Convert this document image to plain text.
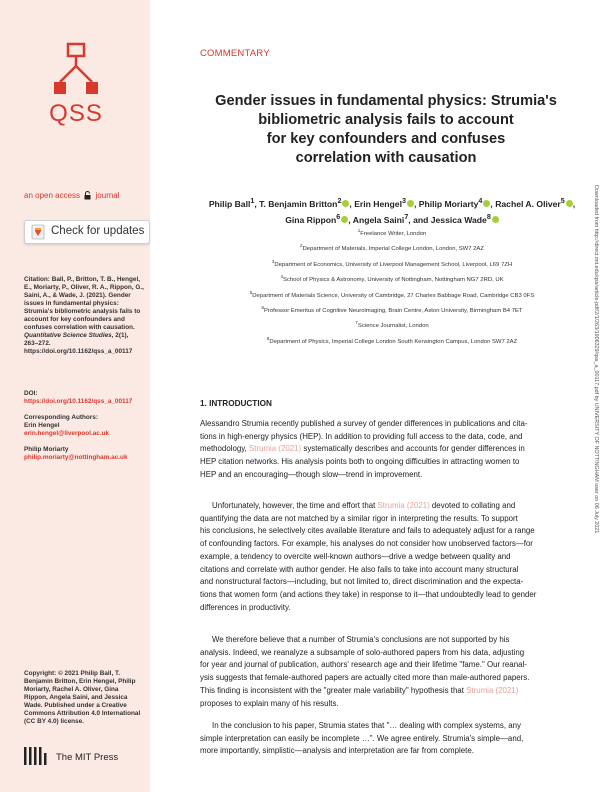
QSS
an open access journal
Check for updates
Citation: Ball, P., Britton, T. B., Hengel, E., Moriarty, P., Oliver, R. A., Rippon, G., Saini, A., & Wade, J. (2021). Gender issues in fundamental physics: Strumia's bibliometric analysis fails to account for key confounders and confuses correlation with causation. Quantitative Science Studies, 2(1), 263–272. https://doi.org/10.1162/qss_a_00117
DOI:
https://doi.org/10.1162/qss_a_00117
Corresponding Authors:
Erin Hengel
erin.hengel@liverpool.ac.uk
Philip Moriarty
philip.moriarty@nottingham.ac.uk
Copyright: © 2021 Philip Ball, T. Benjamin Britton, Erin Hengel, Philip Moriarty, Rachel A. Oliver, Gina Rippon, Angela Saini, and Jessica Wade. Published under a Creative Commons Attribution 4.0 International (CC BY 4.0) license.
The MIT Press
COMMENTARY
Gender issues in fundamental physics: Strumia's
bibliometric analysis fails to account
for key confounders and confuses
correlation with causation
Philip Ball$^1$, T. Benjamin Britton$^2$ , Erin Hengel$^3$ , Philip Moriarty$^4$ , Rachel A. Oliver$^5$ ,
Gina Rippon$^6$ , Angela Saini$^7$, and Jessica Wade$^8$
$^1$Freelance Writer, London
$^2$Department of Materials, Imperial College London, London, SW7 2AZ
$^3$Department of Economics, University of Liverpool Management School, Liverpool, L69 7ZH
$^4$School of Physics & Astronomy, University of Nottingham, Nottingham NG7 2RD, UK
$^5$Department of Materials Science, University of Cambridge, 27 Charles Babbage Road, Cambridge CB3 0FS
$^6$Professor Emeritus of Cognitive Neuroimaging, Brain Centre, Aston University, Birmingham B4 7ET
$^7$Science Journalist, London
$^8$Department of Physics, Imperial College London South Kensington Campus, London SW7 2AZ
1. INTRODUCTION
Alessandro Strumia recently published a survey of gender differences in publications and cita-
tions in high-energy physics (HEP). In addition to providing full access to the data, code, and
methodology, Strumia (2021) systematically describes and accounts for gender differences in
HEP citation networks. His analysis points both to ongoing difficulties in attracting women to
HEP and an encouraging—though slow—trend in improvement.
Unfortunately, however, the time and effort that Strumia (2021) devoted to collating and
quantifying the data are not matched by a similar rigor in interpreting the results. To support
his conclusions, he selectively cites available literature and fails to adequately adjust for a range
of confounding factors. For example, his analyses do not consider how unobserved factors—for
example, a tendency to overcite well-known authors—drive a wedge between quality and
citations and correlate with author gender. He also fails to take into account many structural
and nonstructural factors—including, but not limited to, direct discrimination and the expecta-
tions that women form (and actions they take) in response to it—that undoubtedly lead to gender
differences in productivity.
We therefore believe that a number of Strumia's conclusions are not supported by his
analysis. Indeed, we reanalyze a subsample of solo-authored papers from his data, adjusting
for year and journal of publication, authors' research age and their lifetime "fame." Our reanal-
ysis suggests that female-authored papers are actually cited more than male-authored papers.
This finding is inconsistent with the "greater male variability" hypothesis that Strumia (2021)
proposes to explain many of his results.
In the conclusion to his paper, Strumia states that "… dealing with complex systems, any
simple interpretation can easily be incomplete …". We agree entirely. Strumia's simple—and,
more importantly, simplistic—analysis and interpretation are far from complete.
Downloaded from http://direct.mit.edu/qss/article-pdf/2/1/263/1906329/qss_a_00117.pdf by UNIVERSITY OF NOTTINGHAM user on 06 July 2021
